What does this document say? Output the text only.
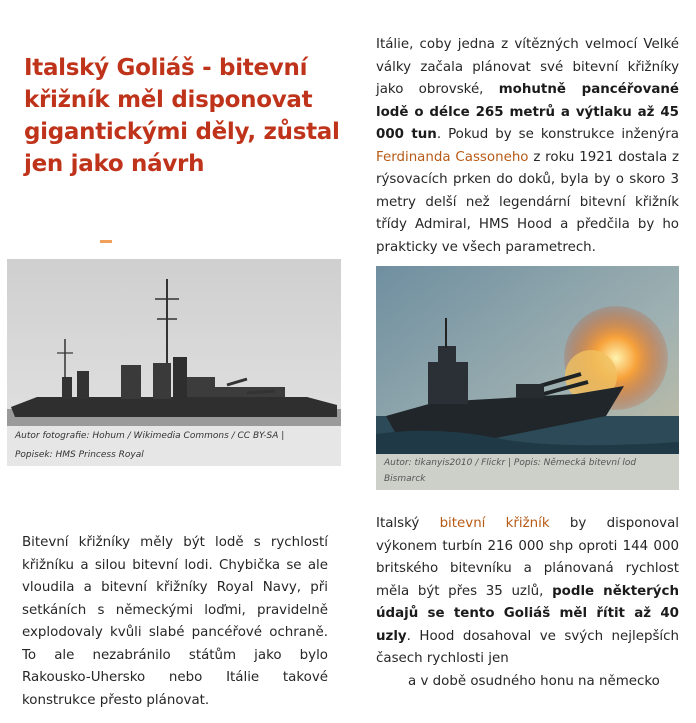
Italský Goliáš - bitevní křižník měl disponovat gigantickými děly, zůstal jen jako návrh

Itálie, coby jedna z vítězných velmocí Velké války začala plánovat své bitevní křižníky jako obrovské, mohutně pancéřované lodě o délce 265 metrů a výtlaku až 45 000 tun. Pokud by se konstrukce inženýra Ferdinanda Cassoneho z roku 1921 dostala z rýsovacích prken do doků, byla by o skoro 3 metry delší než legendární bitevní křižník třídy Admiral, HMS Hood a předčila by ho prakticky ve všech parametrech.

Autor fotografie: Hohum / Wikimedia Commons / CC BY-SA |
Popisek: HMS Princess Royal
Autor: tikanyis2010 / Flickr | Popis: Německá bitevní lod Bismarck

Bitevní křižníky měly být lodě s rychlostí křižníku a silou bitevní lodi. Chybička se ale vloudila a bitevní křižníky Royal Navy, při setkáních s německými loďmi, pravidelně explodovaly kvůli slabé pancéřové ochraně. To ale nezabránilo státům jako bylo Rakousko-Uhersko nebo Itálie takové konstrukce přesto plánovat.

Italský bitevní křižník by disponoval výkonem turbín 216 000 shp oproti 144 000 britského bitevníku a plánovaná rychlost měla být přes 35 uzlů, podle některých údajů se tento Goliáš měl řítit až 40 uzly. Hood dosahoval ve svých nejlepších časech rychlosti jen
a v době osudného honu na německo
